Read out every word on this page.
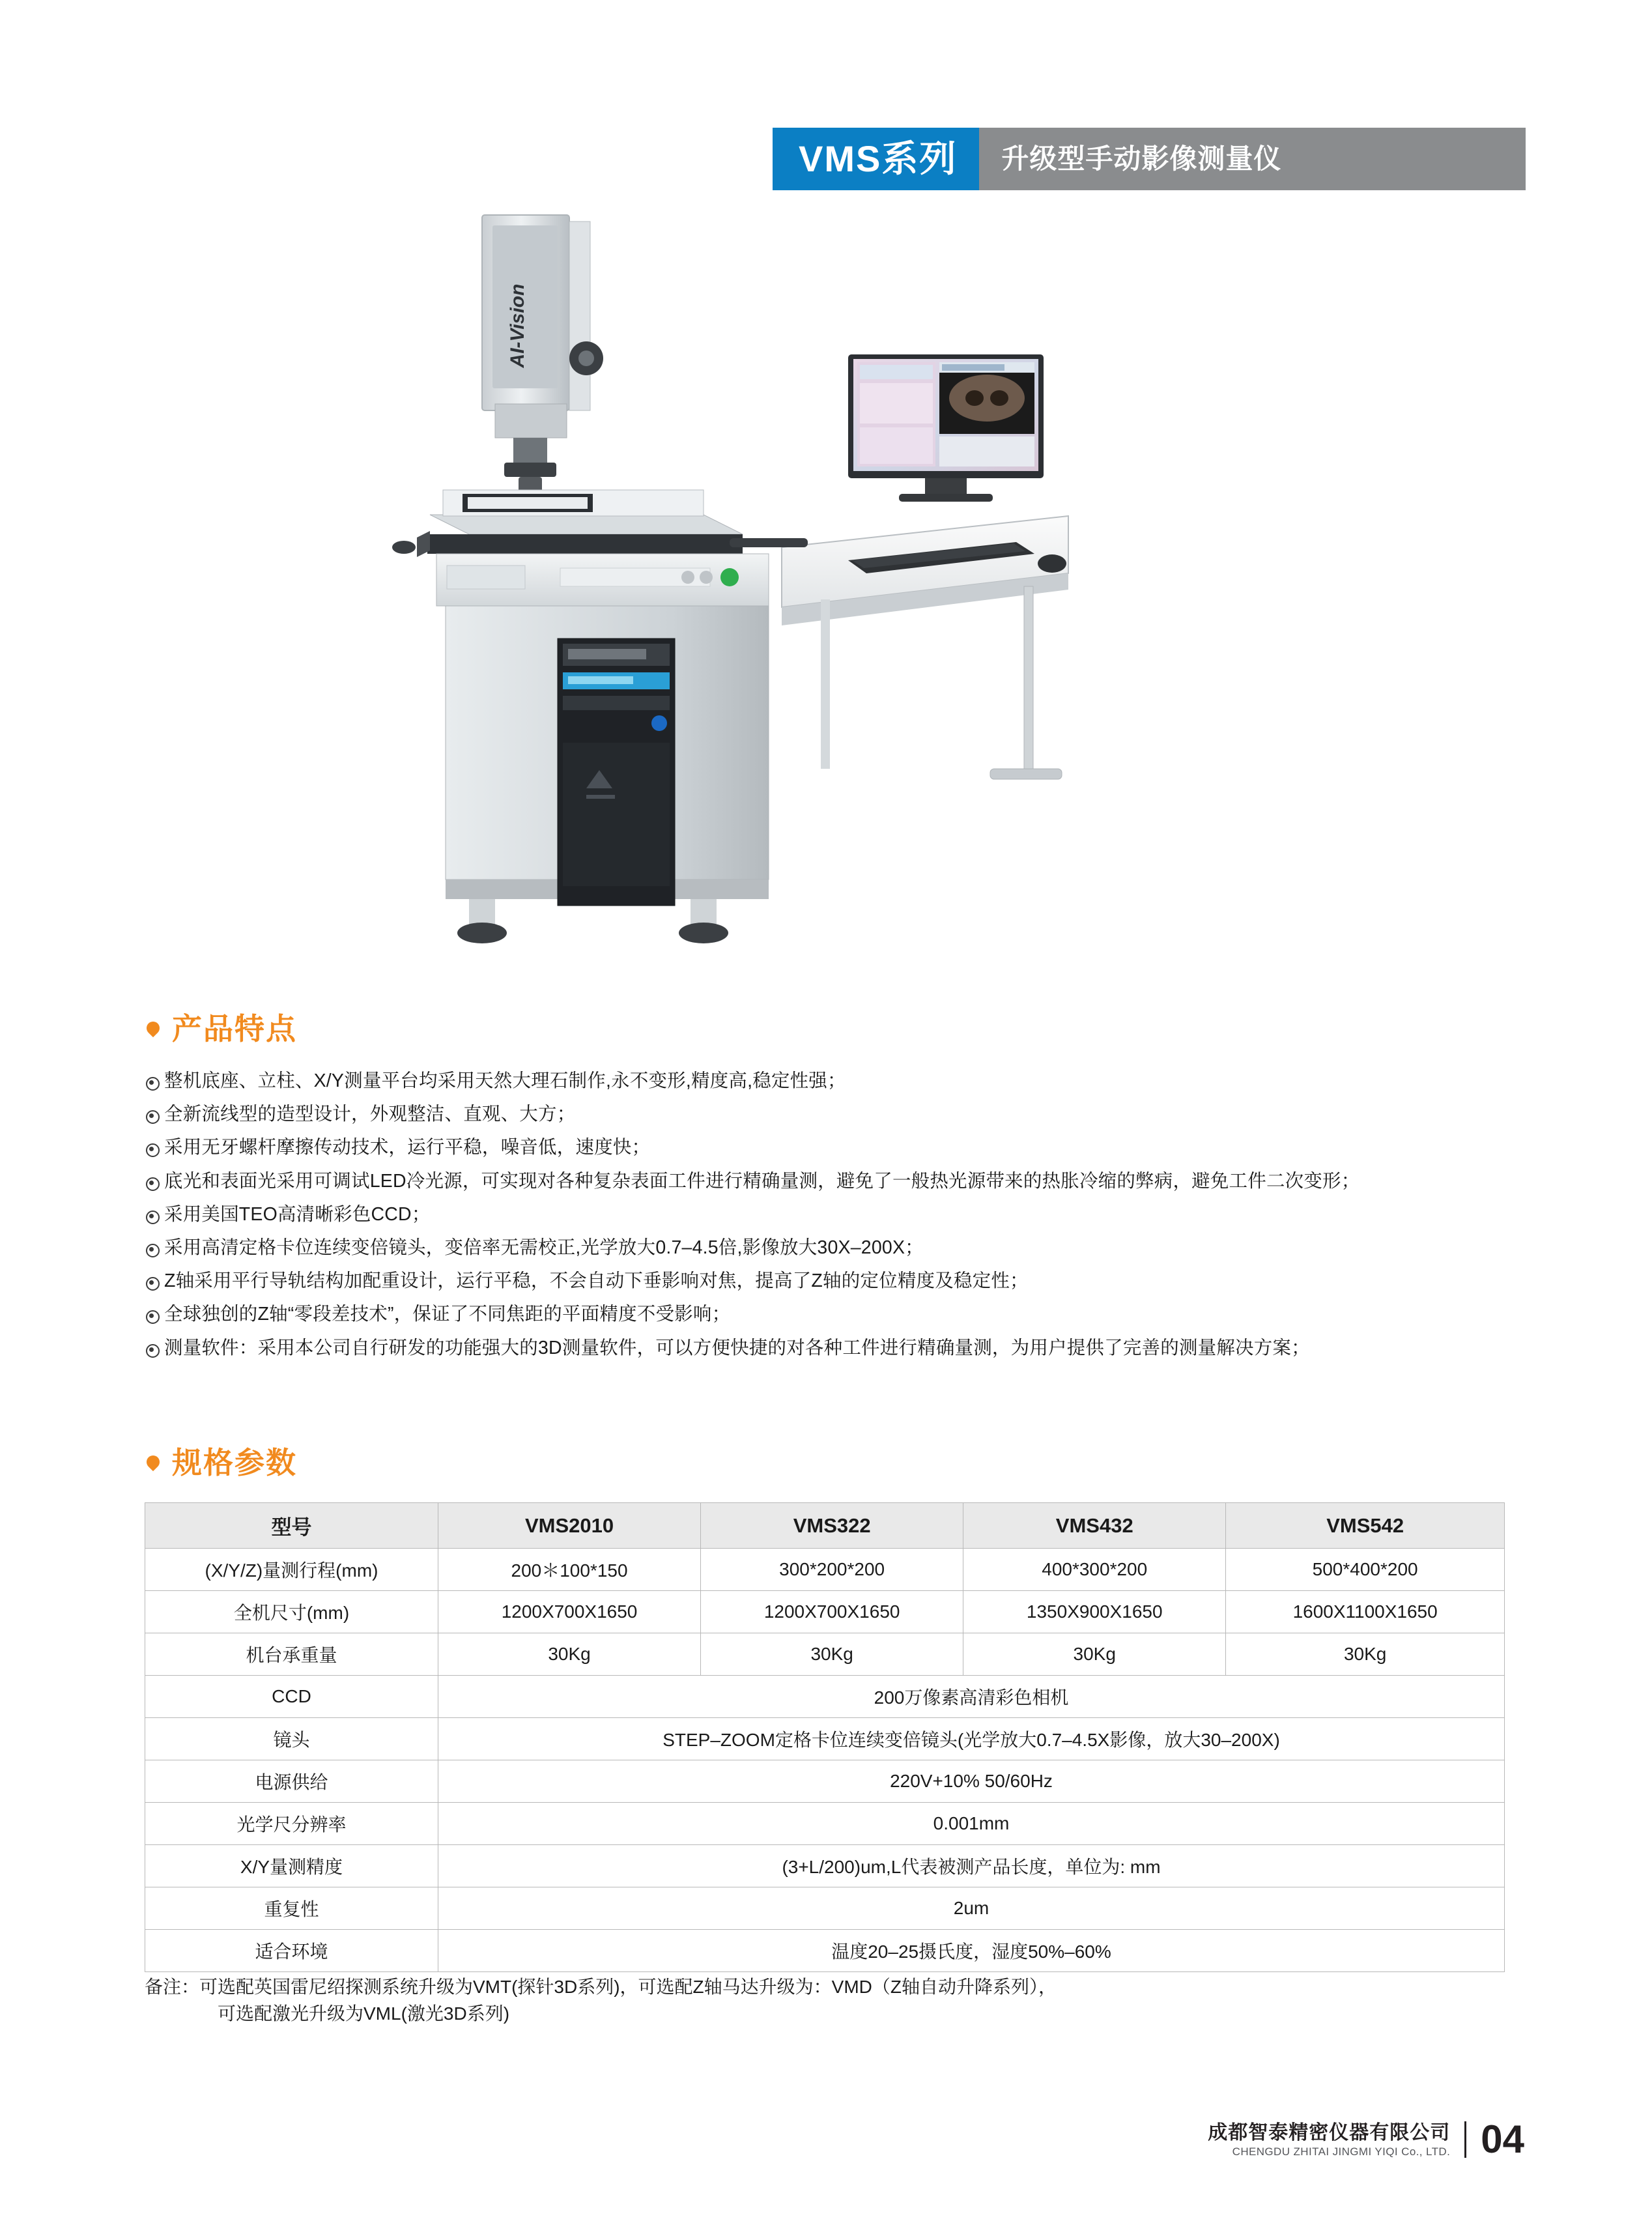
VMS系列	升级型手动影像测量仪
AI-Vision
产品特点
整机底座、立柱、X/Y测量平台均采用天然大理石制作,永不变形,精度高,稳定性强；
全新流线型的造型设计，外观整洁、直观、大方；
采用无牙螺杆摩擦传动技术，运行平稳，噪音低，速度快；
底光和表面光采用可调试LED冷光源，可实现对各种复杂表面工件进行精确量测，避免了一般热光源带来的热胀冷缩的弊病，避免工件二次变形；
采用美国TEO高清晰彩色CCD；
采用高清定格卡位连续变倍镜头，变倍率无需校正,光学放大0.7–4.5倍,影像放大30X–200X；
Z轴采用平行导轨结构加配重设计，运行平稳，不会自动下垂影响对焦，提高了Z轴的定位精度及稳定性；
全球独创的Z轴“零段差技术”，保证了不同焦距的平面精度不受影响；
测量软件：采用本公司自行研发的功能强大的3D测量软件，可以方便快捷的对各种工件进行精确量测，为用户提供了完善的测量解决方案；
规格参数
型号	VMS2010	VMS322	VMS432	VMS542
(X/Y/Z)量测行程(mm)	200＊100*150	300*200*200	400*300*200	500*400*200
全机尺寸(mm)	1200X700X1650	1200X700X1650	1350X900X1650	1600X1100X1650
机台承重量	30Kg	30Kg	30Kg	30Kg
CCD	200万像素高清彩色相机			
镜头	STEP–ZOOM定格卡位连续变倍镜头(光学放大0.7–4.5X影像，放大30–200X)			
电源供给	220V+10% 50/60Hz			
光学尺分辨率	0.001mm			
X/Y量测精度	(3+L/200)um,L代表被测产品长度，单位为: mm			
重复性	2um			
适合环境	温度20–25摄氏度，湿度50%–60%			
备注：可选配英国雷尼绍探测系统升级为VMT(探针3D系列)，可选配Z轴马达升级为：VMD（Z轴自动升降系列），
可选配激光升级为VML(激光3D系列)
成都智泰精密仪器有限公司
CHENGDU ZHITAI JINGMI YIQI Co., LTD. 04
